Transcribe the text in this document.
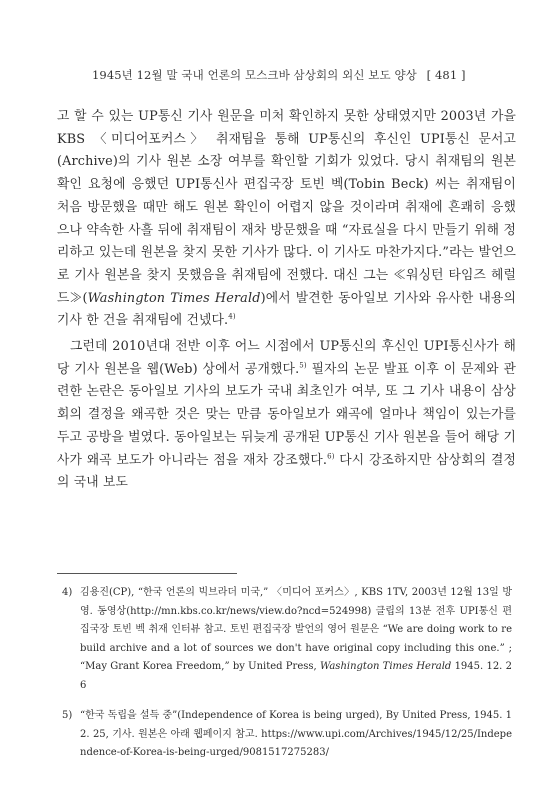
1945년 12월 말 국내 언론의 모스크바 삼상회의 외신 보도 양상 [ 481 ]

고 할 수 있는 UP통신 기사 원문을 미처 확인하지 못한 상태였지만 2003년 가을 KBS 〈미디어포커스〉 취재팀을 통해 UP통신의 후신인 UPI통신 문서고(Archive)의 기사 원본 소장 여부를 확인할 기회가 있었다. 당시 취재팀의 원본 확인 요청에 응했던 UPI통신사 편집국장 토빈 벡(Tobin Beck) 씨는 취재팀이 처음 방문했을 때만 해도 원본 확인이 어렵지 않을 것이라며 취재에 흔쾌히 응했으나 약속한 사흘 뒤에 취재팀이 재차 방문했을 때 “자료실을 다시 만들기 위해 정리하고 있는데 원본을 찾지 못한 기사가 많다. 이 기사도 마찬가지다.”라는 발언으로 기사 원본을 찾지 못했음을 취재팀에 전했다. 대신 그는 ≪워싱턴 타임즈 헤럴드≫(Washington Times Herald)에서 발견한 동아일보 기사와 유사한 내용의 기사 한 건을 취재팀에 건넸다.$^{4)}$

그런데 2010년대 전반 이후 어느 시점에서 UP통신의 후신인 UPI통신사가 해당 기사 원본을 웹(Web) 상에서 공개했다.$^{5)}$ 필자의 논문 발표 이후 이 문제와 관련한 논란은 동아일보 기사의 보도가 국내 최초인가 여부, 또 그 기사 내용이 삼상회의 결정을 왜곡한 것은 맞는 만큼 동아일보가 왜곡에 얼마나 책임이 있는가를 두고 공방을 벌였다. 동아일보는 뒤늦게 공개된 UP통신 기사 원본을 들어 해당 기사가 왜곡 보도가 아니라는 점을 재차 강조했다.$^{6)}$ 다시 강조하지만 삼상회의 결정의 국내 보도

4) 김용진(CP), “한국 언론의 빅브라더 미국,” 〈미디어 포커스〉, KBS 1TV, 2003년 12월 13일 방영. 동영상(http://mn.kbs.co.kr/news/view.do?ncd=524998) 클립의 13분 전후 UPI통신 편집국장 토빈 벡 취재 인터뷰 참고. 토빈 편집국장 발언의 영어 원문은 “We are doing work to rebuild archive and a lot of sources we don't have original copy including this one.” ; “May Grant Korea Freedom,” by United Press, Washington Times Herald 1945. 12. 26
5) “한국 독립을 설득 중”(Independence of Korea is being urged), By United Press, 1945. 12. 25, 기사. 원본은 아래 웹페이지 참고. https://www.upi.com/Archives/1945/12/25/Independence-of-Korea-is-being-urged/9081517275283/
